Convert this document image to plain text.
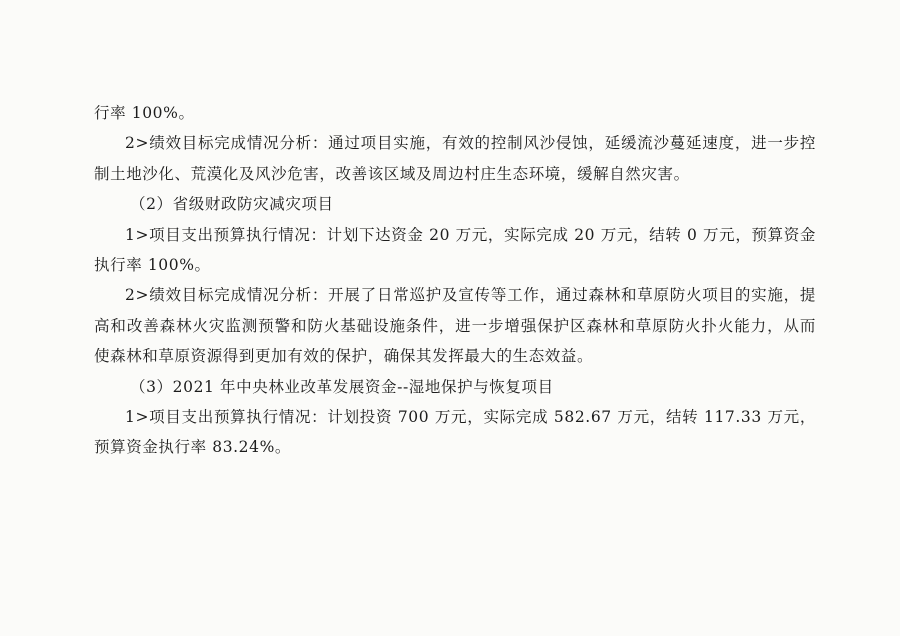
行率 100%。

2>绩效目标完成情况分析：通过项目实施，有效的控制风沙侵蚀，延缓流沙蔓延速度，进一步控制土地沙化、荒漠化及风沙危害，改善该区域及周边村庄生态环境，缓解自然灾害。

（2）省级财政防灾减灾项目

1>项目支出预算执行情况：计划下达资金 20 万元，实际完成 20 万元，结转 0 万元，预算资金执行率 100%。

2>绩效目标完成情况分析：开展了日常巡护及宣传等工作，通过森林和草原防火项目的实施，提高和改善森林火灾监测预警和防火基础设施条件，进一步增强保护区森林和草原防火扑火能力，从而使森林和草原资源得到更加有效的保护，确保其发挥最大的生态效益。

（3）2021 年中央林业改革发展资金--湿地保护与恢复项目

1>项目支出预算执行情况：计划投资 700 万元，实际完成 582.67 万元，结转 117.33 万元，预算资金执行率 83.24%。
